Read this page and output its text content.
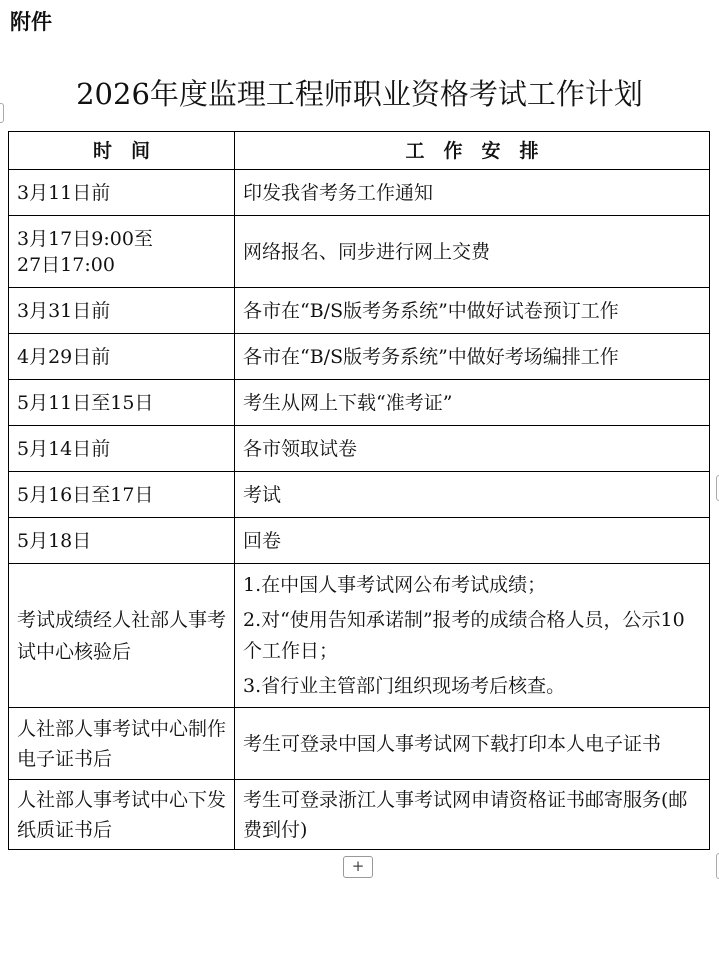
附件
2026年度监理工程师职业资格考试工作计划
时　间	工　作　安　排
3月11日前	印发我省考务工作通知

3月17日9:00至
27日17:00	网络报名、同步进行网上交费
3月31日前	各市在“B/S版考务系统”中做好试卷预订工作
4月29日前	各市在“B/S版考务系统”中做好考场编排工作
5月11日至15日	考生从网上下载“准考证”
5月14日前	各市领取试卷
5月16日至17日	考试
5月18日	回卷
考试成绩经人社部人事考试中心核验后	1.在中国人事考试网公布考试成绩；
2.对“使用告知承诺制”报考的成绩合格人员，公示10个工作日；
3.省行业主管部门组织现场考后核查。

人社部人事考试中心制作电子证书后	考生可登录中国人事考试网下载打印本人电子证书
人社部人事考试中心下发纸质证书后	考生可登录浙江人事考试网申请资格证书邮寄服务(邮费到付)
+
